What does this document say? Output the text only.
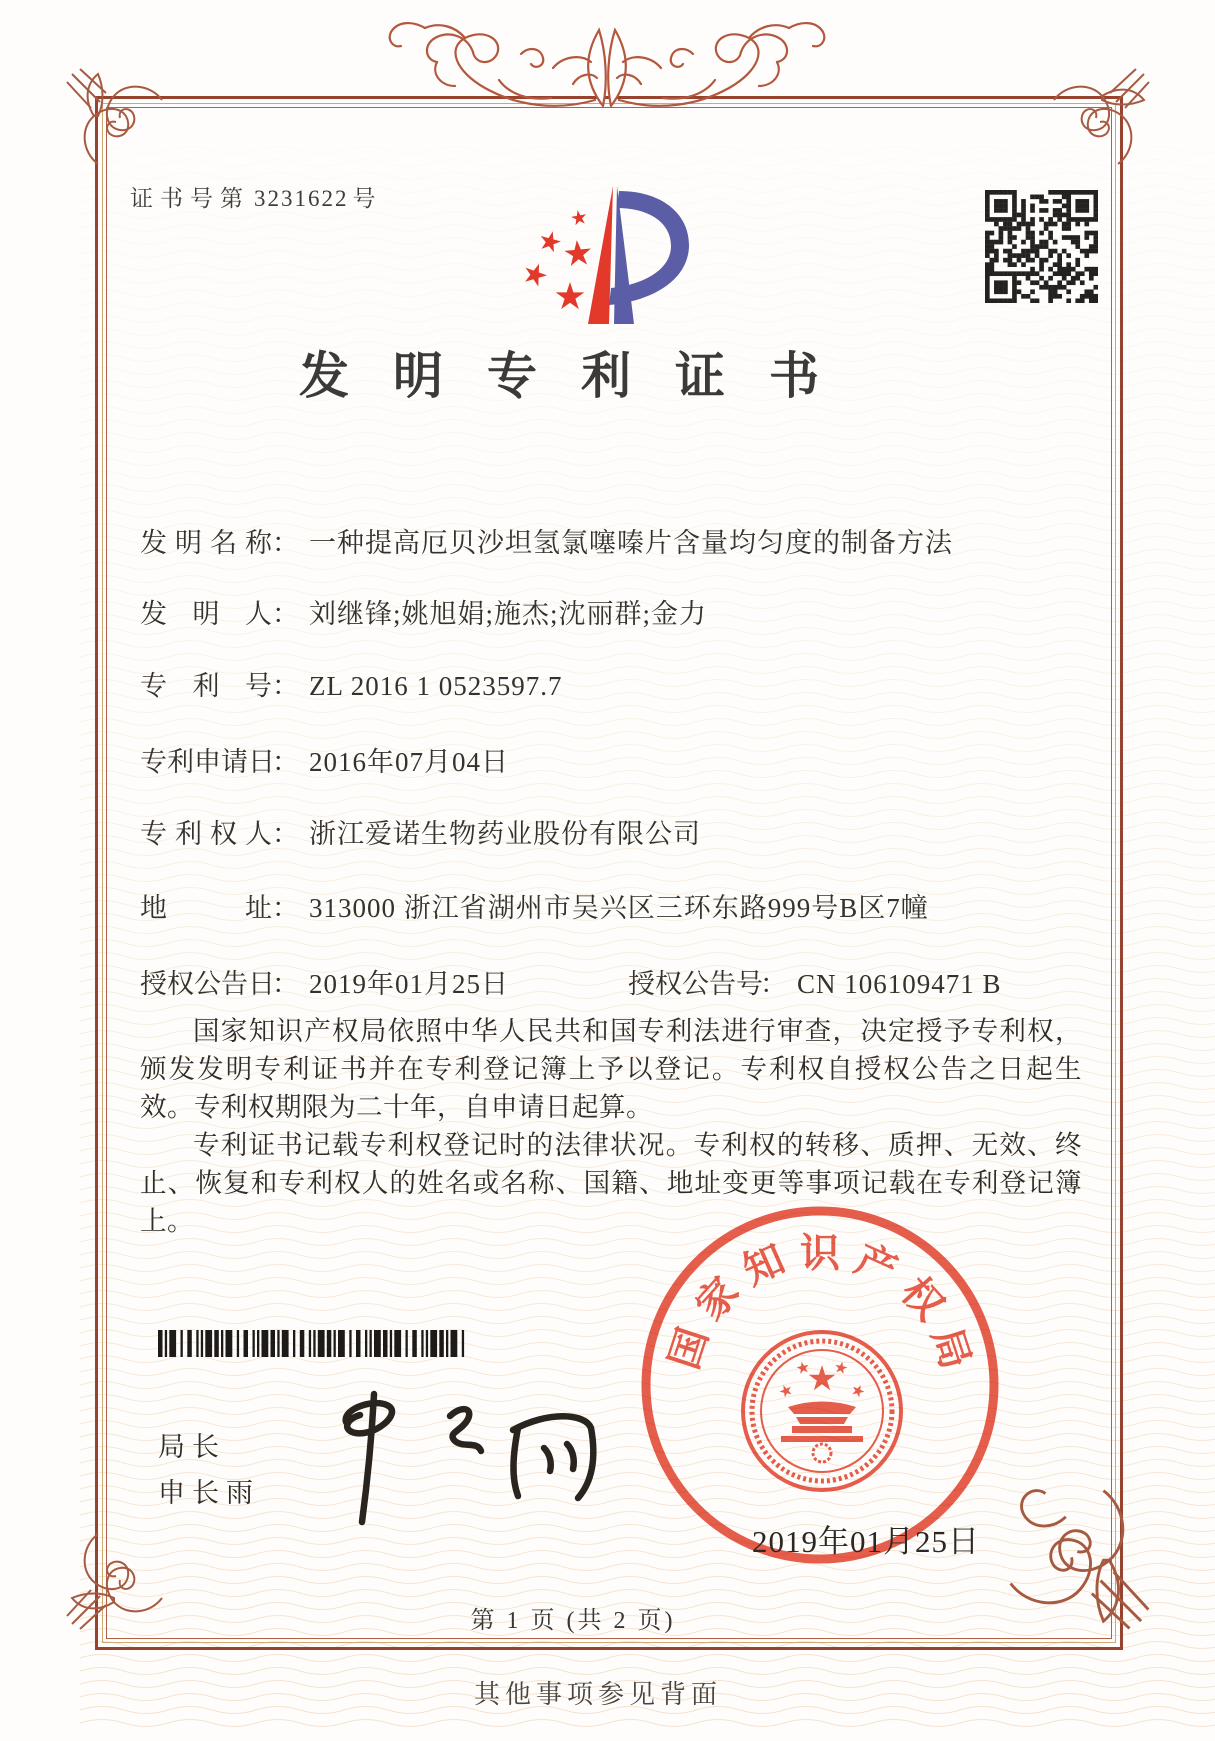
证书号第 3231622 号
发明专利证书
发 明 名 称 ： 一种提高厄贝沙坦氢氯噻嗪片含量均匀度的制备方法
发 明 人 ： 刘继锋;姚旭娟;施杰;沈丽群;金力
专 利 号 ： ZL 2016 1 0523597.7
专 利 申 请 日 ： 2016年07月04日
专 利 权 人 ： 浙江爱诺生物药业股份有限公司
地	址 ： 313000 浙江省湖州市吴兴区三环东路999号B区7幢
授 权 公 告 日 ： 2019年01月25日	授 权 公 告 号 ： CN 106109471 B

国家知识产权局依照中华人民共和国专利法进行审查，决定授予专利权，颁发发明专利证书并在专利登记簿上予以登记。专利权自授权公告之日起生效。专利权期限为二十年，自申请日起算。

专利证书记载专利权登记时的法律状况。专利权的转移、质押、无效、终止、恢复和专利权人的姓名或名称、国籍、地址变更等事项记载在专利登记簿上。

局长
申长雨
国
家
知 识 产
权
局
2019年01月25日
第 1 页 (共 2 页)
其他事项参见背面
